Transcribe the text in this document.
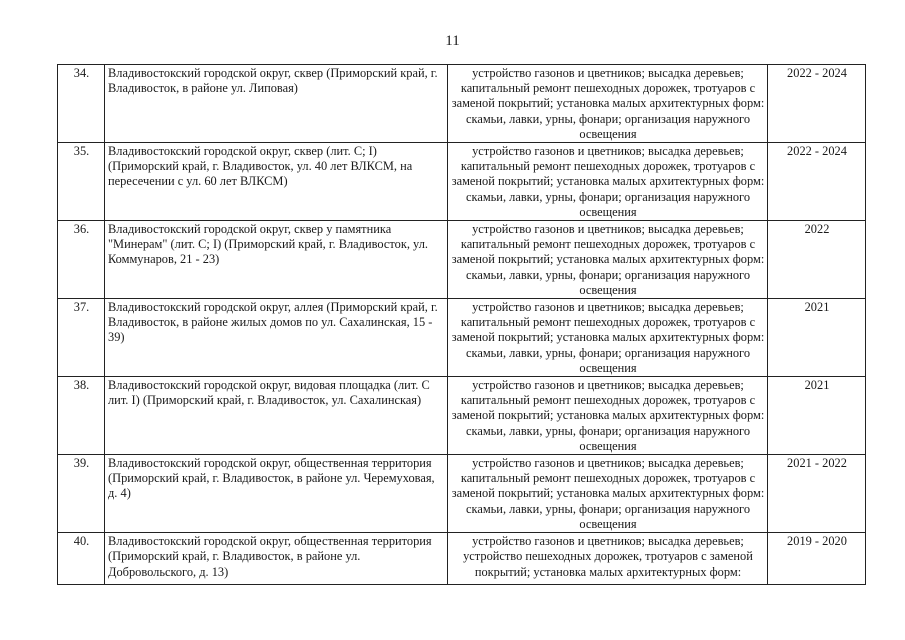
11
34.	Владивостокский городской округ, сквер (Приморский край, г. Владивосток, в районе ул. Липовая)	устройство газонов и цветников; высадка деревьев; капитальный ремонт пешеходных дорожек, тротуаров с заменой покрытий; установка малых архитектурных форм: скамьи, лавки, урны, фонари; организация наружного освещения	2022 - 2024
35.	Владивостокский городской округ, сквер (лит. С; I) (Приморский край, г. Владивосток, ул. 40 лет ВЛКСМ, на пересечении с ул. 60 лет ВЛКСМ)	устройство газонов и цветников; высадка деревьев; капитальный ремонт пешеходных дорожек, тротуаров с заменой покрытий; установка малых архитектурных форм: скамьи, лавки, урны, фонари; организация наружного освещения	2022 - 2024
36.	Владивостокский городской округ, сквер у памятника "Минерам" (лит. С; I) (Приморский край, г. Владивосток, ул. Коммунаров, 21 - 23)	устройство газонов и цветников; высадка деревьев; капитальный ремонт пешеходных дорожек, тротуаров с заменой покрытий; установка малых архитектурных форм: скамьи, лавки, урны, фонари; организация наружного освещения	2022
37.	Владивостокский городской округ, аллея (Приморский край, г. Владивосток, в районе жилых домов по ул. Сахалинская, 15 - 39)	устройство газонов и цветников; высадка деревьев; капитальный ремонт пешеходных дорожек, тротуаров с заменой покрытий; установка малых архитектурных форм: скамьи, лавки, урны, фонари; организация наружного освещения	2021
38.	Владивостокский городской округ, видовая площадка (лит. С лит. I) (Приморский край, г. Владивосток, ул. Сахалинская)	устройство газонов и цветников; высадка деревьев; капитальный ремонт пешеходных дорожек, тротуаров с заменой покрытий; установка малых архитектурных форм: скамьи, лавки, урны, фонари; организация наружного освещения	2021
39.	Владивостокский городской округ, общественная территория (Приморский край, г. Владивосток, в районе ул. Черемуховая, д. 4)	устройство газонов и цветников; высадка деревьев; капитальный ремонт пешеходных дорожек, тротуаров с заменой покрытий; установка малых архитектурных форм: скамьи, лавки, урны, фонари; организация наружного освещения	2021 - 2022
40.	Владивостокский городской округ, общественная территория (Приморский край, г. Владивосток, в районе ул. Добровольского, д. 13)	устройство газонов и цветников; высадка деревьев; устройство пешеходных дорожек, тротуаров с заменой покрытий; установка малых архитектурных форм:	2019 - 2020
